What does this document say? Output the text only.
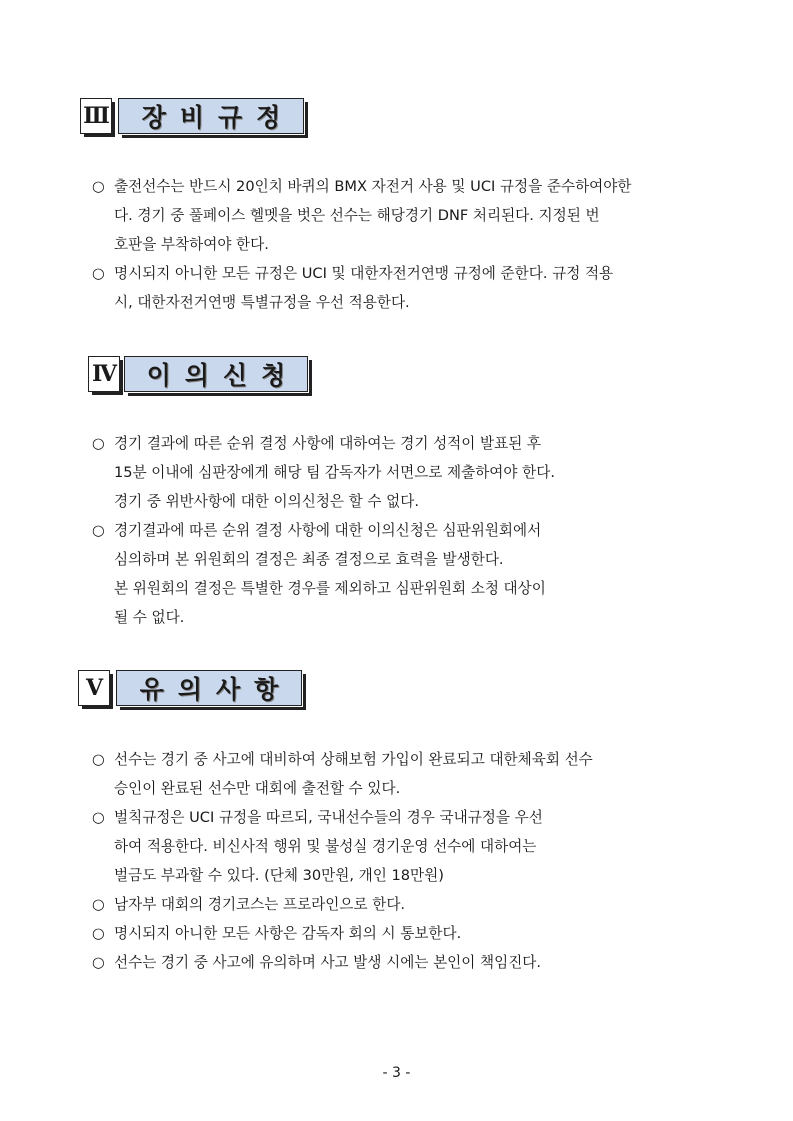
Ⅲ	장비규정
○ 출전선수는 반드시 20인치 바퀴의 BMX 자전거 사용 및 UCI 규정을 준수하여야한
다. 경기 중 풀페이스 헬멧을 벗은 선수는 해당경기 DNF 처리된다. 지정된 번
호판을 부착하여야 한다.
○ 명시되지 아니한 모든 규정은 UCI 및 대한자전거연맹 규정에 준한다. 규정 적용
시, 대한자전거연맹 특별규정을 우선 적용한다.
Ⅳ	이의신청
○ 경기 결과에 따른 순위 결정 사항에 대하여는 경기 성적이 발표된 후
15분 이내에 심판장에게 해당 팀 감독자가 서면으로 제출하여야 한다.
경기 중 위반사항에 대한 이의신청은 할 수 없다.
○ 경기결과에 따른 순위 결정 사항에 대한 이의신청은 심판위원회에서
심의하며 본 위원회의 결정은 최종 결정으로 효력을 발생한다.
본 위원회의 결정은 특별한 경우를 제외하고 심판위원회 소청 대상이
될 수 없다.
Ⅴ	유의사항
○ 선수는 경기 중 사고에 대비하여 상해보험 가입이 완료되고 대한체육회 선수
승인이 완료된 선수만 대회에 출전할 수 있다.
○ 벌칙규정은 UCI 규정을 따르되, 국내선수들의 경우 국내규정을 우선
하여 적용한다. 비신사적 행위 및 불성실 경기운영 선수에 대하여는
벌금도 부과할 수 있다. (단체 30만원, 개인 18만원)
○ 남자부 대회의 경기코스는 프로라인으로 한다.
○ 명시되지 아니한 모든 사항은 감독자 회의 시 통보한다.
○ 선수는 경기 중 사고에 유의하며 사고 발생 시에는 본인이 책임진다.
- 3 -
